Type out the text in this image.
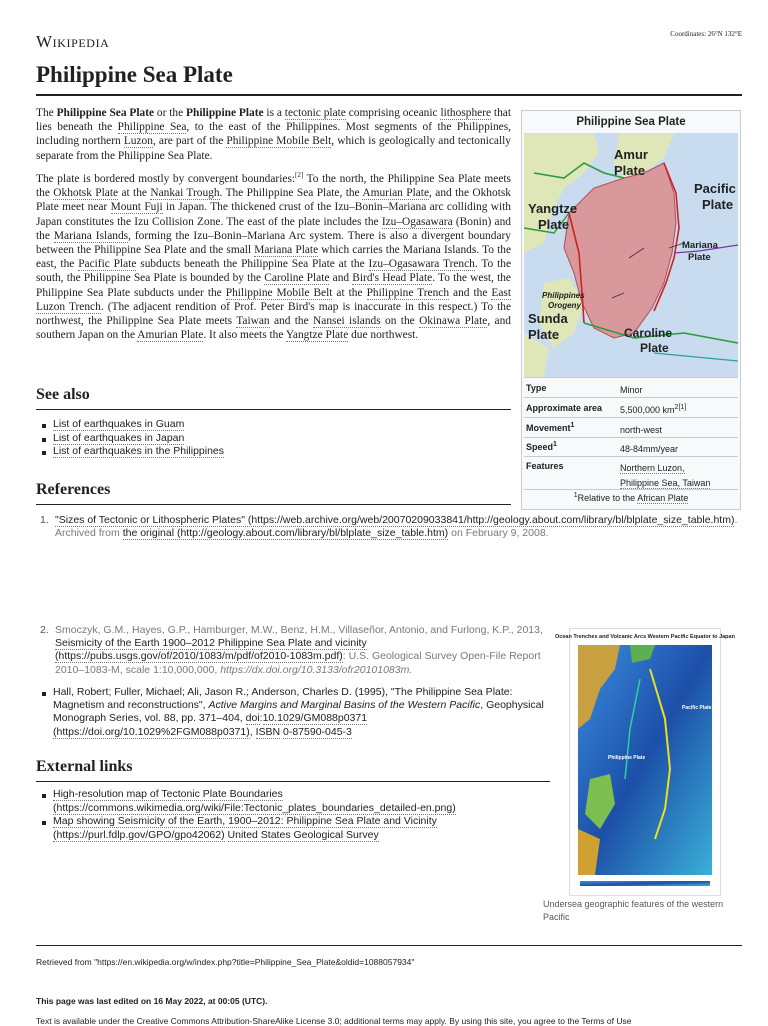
Wikipedia	Coordinates: 26°N 132°E
Philippine Sea Plate

The Philippine Sea Plate or the Philippine Plate is a tectonic plate comprising oceanic lithosphere that lies beneath the Philippine Sea, to the east of the Philippines. Most segments of the Philippines, including northern Luzon, are part of the Philippine Mobile Belt, which is geologically and tectonically separate from the Philippine Sea Plate.

The plate is bordered mostly by convergent boundaries:[2] To the north, the Philippine Sea Plate meets the Okhotsk Plate at the Nankai Trough. The Philippine Sea Plate, the Amurian Plate, and the Okhotsk Plate meet near Mount Fuji in Japan. The thickened crust of the Izu–Bonin–Mariana arc colliding with Japan constitutes the Izu Collision Zone. The east of the plate includes the Izu–Ogasawara (Bonin) and the Mariana Islands, forming the Izu–Bonin–Mariana Arc system. There is also a divergent boundary between the Philippine Sea Plate and the small Mariana Plate which carries the Mariana Islands. To the east, the Pacific Plate subducts beneath the Philippine Sea Plate at the Izu–Ogasawara Trench. To the south, the Philippine Sea Plate is bounded by the Caroline Plate and Bird's Head Plate. To the west, the Philippine Sea Plate subducts under the Philippine Mobile Belt at the Philippine Trench and the East Luzon Trench. (The adjacent rendition of Prof. Peter Bird's map is inaccurate in this respect.) To the northwest, the Philippine Sea Plate meets Taiwan and the Nansei islands on the Okinawa Plate, and southern Japan on the Amurian Plate. It also meets the Yangtze Plate due northwest.

See also
List of earthquakes in Guam
List of earthquakes in Japan
List of earthquakes in the Philippines
References
1. "Sizes of Tectonic or Lithospheric Plates" (https://web.archive.org/web/20070209033841/http://geology.about.com/library/bl/blplate_size_table.htm). Archived from the original (http://geology.about.com/library/bl/blplate_size_table.htm) on February 9, 2008.
2. Smoczyk, G.M., Hayes, G.P., Hamburger, M.W., Benz, H.M., Villaseñor, Antonio, and Furlong, K.P., 2013, Seismicity of the Earth 1900–2012 Philippine Sea Plate and vicinity (https://pubs.usgs.gov/of/2010/1083/m/pdf/of2010-1083m.pdf): U.S. Geological Survey Open-File Report 2010–1083-M, scale 1:10,000,000, https://dx.doi.org/10.3133/ofr20101083m.
Hall, Robert; Fuller, Michael; Ali, Jason R.; Anderson, Charles D. (1995), "The Philippine Sea Plate: Magnetism and reconstructions", Active Margins and Marginal Basins of the Western Pacific, Geophysical Monograph Series, vol. 88, pp. 371–404, doi:10.1029/GM088p0371 (https://doi.org/10.1029%2FGM088p0371), ISBN 0-87590-045-3
External links
High-resolution map of Tectonic Plate Boundaries (https://commons.wikimedia.org/wiki/File:Tectonic_plates_boundaries_detailed-en.png)
Map showing Seismicity of the Earth, 1900–2012: Philippine Sea Plate and Vicinity (https://purl.fdlp.gov/GPO/gpo42062) United States Geological Survey
Philippine Sea Plate
Amur
Plate
Pacific
Plate
Yangtze
Plate
Mariana
Plate
Philippines
Orogeny
Sunda
Plate	Caroline
Plate
Type	Minor
Approximate area 5,500,000 $km^{2[1]}$
Movement$^1$	north-west
Speed$^1$	48-84mm/year
Features	Northern Luzon,
Philippine Sea, Taiwan
$^1$Relative to the African Plate
Ocean Trenches and Volcanic Arcs Western Pacific Equator to Japan
Pacific Plate
Philippine Plate
Undersea geographic features of the western Pacific
Retrieved from "https://en.wikipedia.org/w/index.php?title=Philippine_Sea_Plate&oldid=1088057934"
This page was last edited on 16 May 2022, at 00:05 (UTC).
Text is available under the Creative Commons Attribution-ShareAlike License 3.0; additional terms may apply. By using this site, you agree to the Terms of Use
